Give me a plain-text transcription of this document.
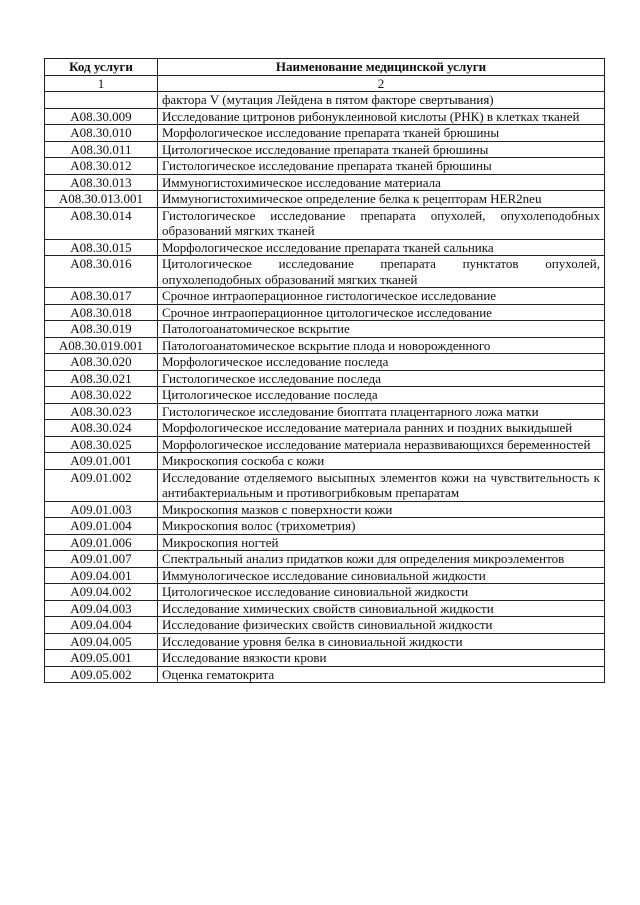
Код услуги	Наименование медицинской услуги
1	2
	фактора V (мутация Лейдена в пятом факторе свертывания)
A08.30.009	Исследование цитронов рибонуклеиновой кислоты (РНК) в клетках тканей
A08.30.010	Морфологическое исследование препарата тканей брюшины
A08.30.011	Цитологическое исследование препарата тканей брюшины
A08.30.012	Гистологическое исследование препарата тканей брюшины
A08.30.013	Иммуногистохимическое исследование материала
A08.30.013.001	Иммуногистохимическое определение белка к рецепторам HER2neu
A08.30.014	Гистологическое исследование препарата опухолей, опухолеподобных образований мягких тканей
A08.30.015	Морфологическое исследование препарата тканей сальника
A08.30.016	Цитологическое исследование препарата пунктатов опухолей, опухолеподобных образований мягких тканей
A08.30.017	Срочное интраоперационное гистологическое исследование
A08.30.018	Срочное интраоперационное цитологическое исследование
A08.30.019	Патологоанатомическое вскрытие
A08.30.019.001	Патологоанатомическое вскрытие плода и новорожденного
A08.30.020	Морфологическое исследование последа
A08.30.021	Гистологическое исследование последа
A08.30.022	Цитологическое исследование последа
A08.30.023	Гистологическое исследование биоптата плацентарного ложа матки
A08.30.024	Морфологическое исследование материала ранних и поздних выкидышей
A08.30.025	Морфологическое исследование материала неразвивающихся беременностей
A09.01.001	Микроскопия соскоба с кожи
A09.01.002	Исследование отделяемого высыпных элементов кожи на чувствительность к антибактериальным и противогрибковым препаратам
A09.01.003	Микроскопия мазков с поверхности кожи
A09.01.004	Микроскопия волос (трихометрия)
A09.01.006	Микроскопия ногтей
A09.01.007	Спектральный анализ придатков кожи для определения микроэлементов
A09.04.001	Иммунологическое исследование синовиальной жидкости
A09.04.002	Цитологическое исследование синовиальной жидкости
A09.04.003	Исследование химических свойств синовиальной жидкости
A09.04.004	Исследование физических свойств синовиальной жидкости
A09.04.005	Исследование уровня белка в синовиальной жидкости
A09.05.001	Исследование вязкости крови
A09.05.002	Оценка гематокрита
